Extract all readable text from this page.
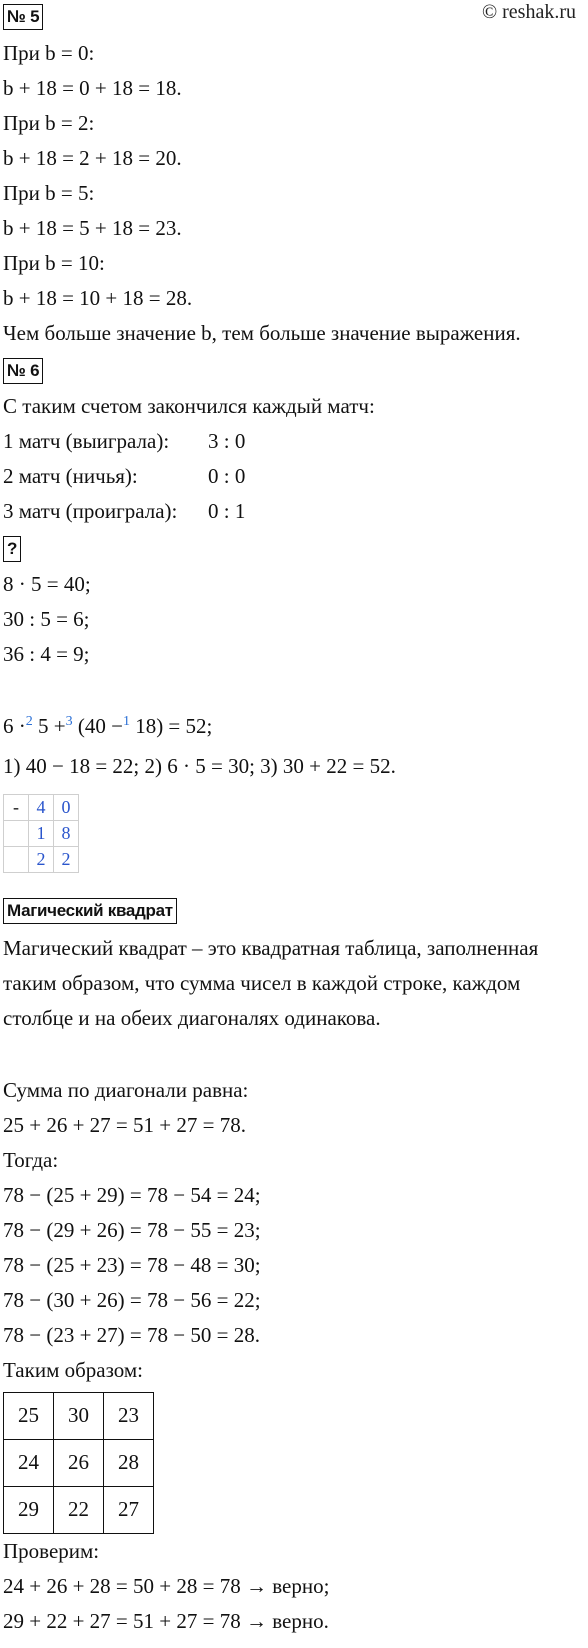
© reshak.ru
№ 5
При b = 0:
b + 18 = 0 + 18 = 18.
При b = 2:
b + 18 = 2 + 18 = 20.
При b = 5:
b + 18 = 5 + 18 = 23.
При b = 10:
b + 18 = 10 + 18 = 28.
Чем больше значение b, тем больше значение выражения.
№ 6
С таким счетом закончился каждый матч:
1 матч (выиграла): 3 : 0
2 матч (ничья):	0 : 0
3 матч (проиграла): 0 : 1
?
8 · 5 = 40;
30 : 5 = 6;
36 : 4 = 9;
6 ·$^2$ 5 +$^3$ (40 −$^1$ 18) = 52;
1) 40 − 18 = 22; 2) 6 · 5 = 30; 3) 30 + 22 = 52.
-	4	0
	1	8
	2	2
Магический квадрат
Магический квадрат – это квадратная таблица, заполненная
таким образом, что сумма чисел в каждой строке, каждом
столбце и на обеих диагоналях одинакова.
Сумма по диагонали равна:
25 + 26 + 27 = 51 + 27 = 78.
Тогда:
78 − (25 + 29) = 78 − 54 = 24;
78 − (29 + 26) = 78 − 55 = 23;
78 − (25 + 23) = 78 − 48 = 30;
78 − (30 + 26) = 78 − 56 = 22;
78 − (23 + 27) = 78 − 50 = 28.
Таким образом:
25	30	23
24	26	28
29	22	27
Проверим:
24 + 26 + 28 = 50 + 28 = 78 → верно;
29 + 22 + 27 = 51 + 27 = 78 → верно.
